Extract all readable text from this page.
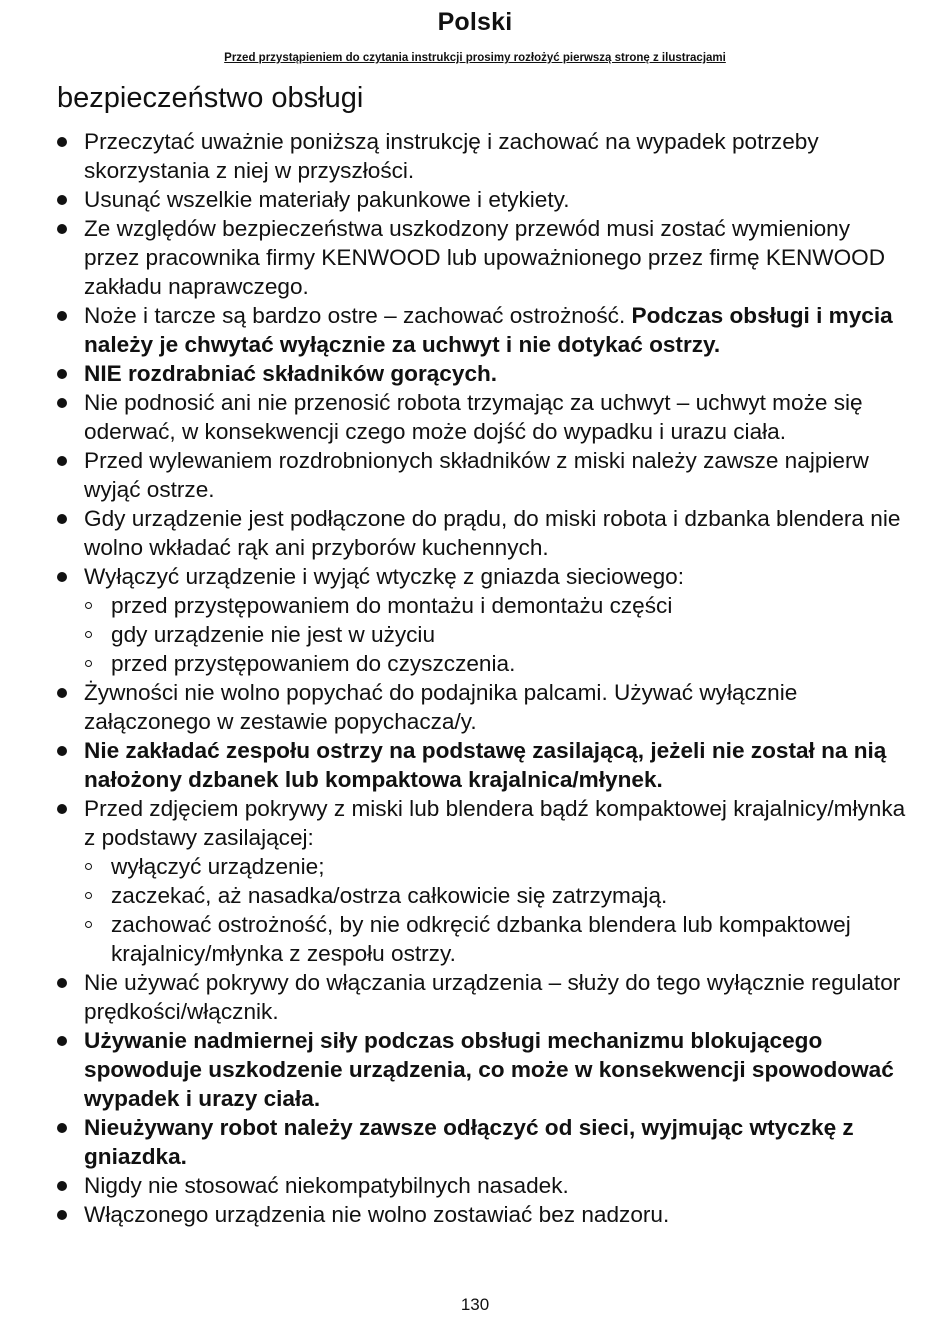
Polski
Przed przystąpieniem do czytania instrukcji prosimy rozłożyć pierwszą stronę z ilustracjami
bezpieczeństwo obsługi
Przeczytać uważnie poniższą instrukcję i zachować na wypadek potrzeby skorzystania z niej w przyszłości.
Usunąć wszelkie materiały pakunkowe i etykiety.
Ze względów bezpieczeństwa uszkodzony przewód musi zostać wymieniony przez pracownika firmy KENWOOD lub upoważnionego przez firmę KENWOOD zakładu naprawczego.
Noże i tarcze są bardzo ostre – zachować ostrożność. Podczas obsługi i mycia należy je chwytać wyłącznie za uchwyt i nie dotykać ostrzy.
NIE rozdrabniać składników gorących.
Nie podnosić ani nie przenosić robota trzymając za uchwyt – uchwyt może się oderwać, w konsekwencji czego może dojść do wypadku i urazu ciała.
Przed wylewaniem rozdrobnionych składników z miski należy zawsze najpierw wyjąć ostrze.
Gdy urządzenie jest podłączone do prądu, do miski robota i dzbanka blendera nie wolno wkładać rąk ani przyborów kuchennych.
Wyłączyć urządzenie i wyjąć wtyczkę z gniazda sieciowego:
przed przystępowaniem do montażu i demontażu części
gdy urządzenie nie jest w użyciu
przed przystępowaniem do czyszczenia.
Żywności nie wolno popychać do podajnika palcami. Używać wyłącznie załączonego w zestawie popychacza/y.
Nie zakładać zespołu ostrzy na podstawę zasilającą, jeżeli nie został na nią nałożony dzbanek lub kompaktowa krajalnica/młynek.
Przed zdjęciem pokrywy z miski lub blendera bądź kompaktowej krajalnicy/młynka z podstawy zasilającej:
wyłączyć urządzenie;
zaczekać, aż nasadka/ostrza całkowicie się zatrzymają.
zachować ostrożność, by nie odkręcić dzbanka blendera lub kompaktowej krajalnicy/młynka z zespołu ostrzy.
Nie używać pokrywy do włączania urządzenia – służy do tego wyłącznie regulator prędkości/włącznik.
Używanie nadmiernej siły podczas obsługi mechanizmu blokującego spowoduje uszkodzenie urządzenia, co może w konsekwencji spowodować wypadek i urazy ciała.
Nieużywany robot należy zawsze odłączyć od sieci, wyjmując wtyczkę z gniazdka.
Nigdy nie stosować niekompatybilnych nasadek.
Włączonego urządzenia nie wolno zostawiać bez nadzoru.
130
